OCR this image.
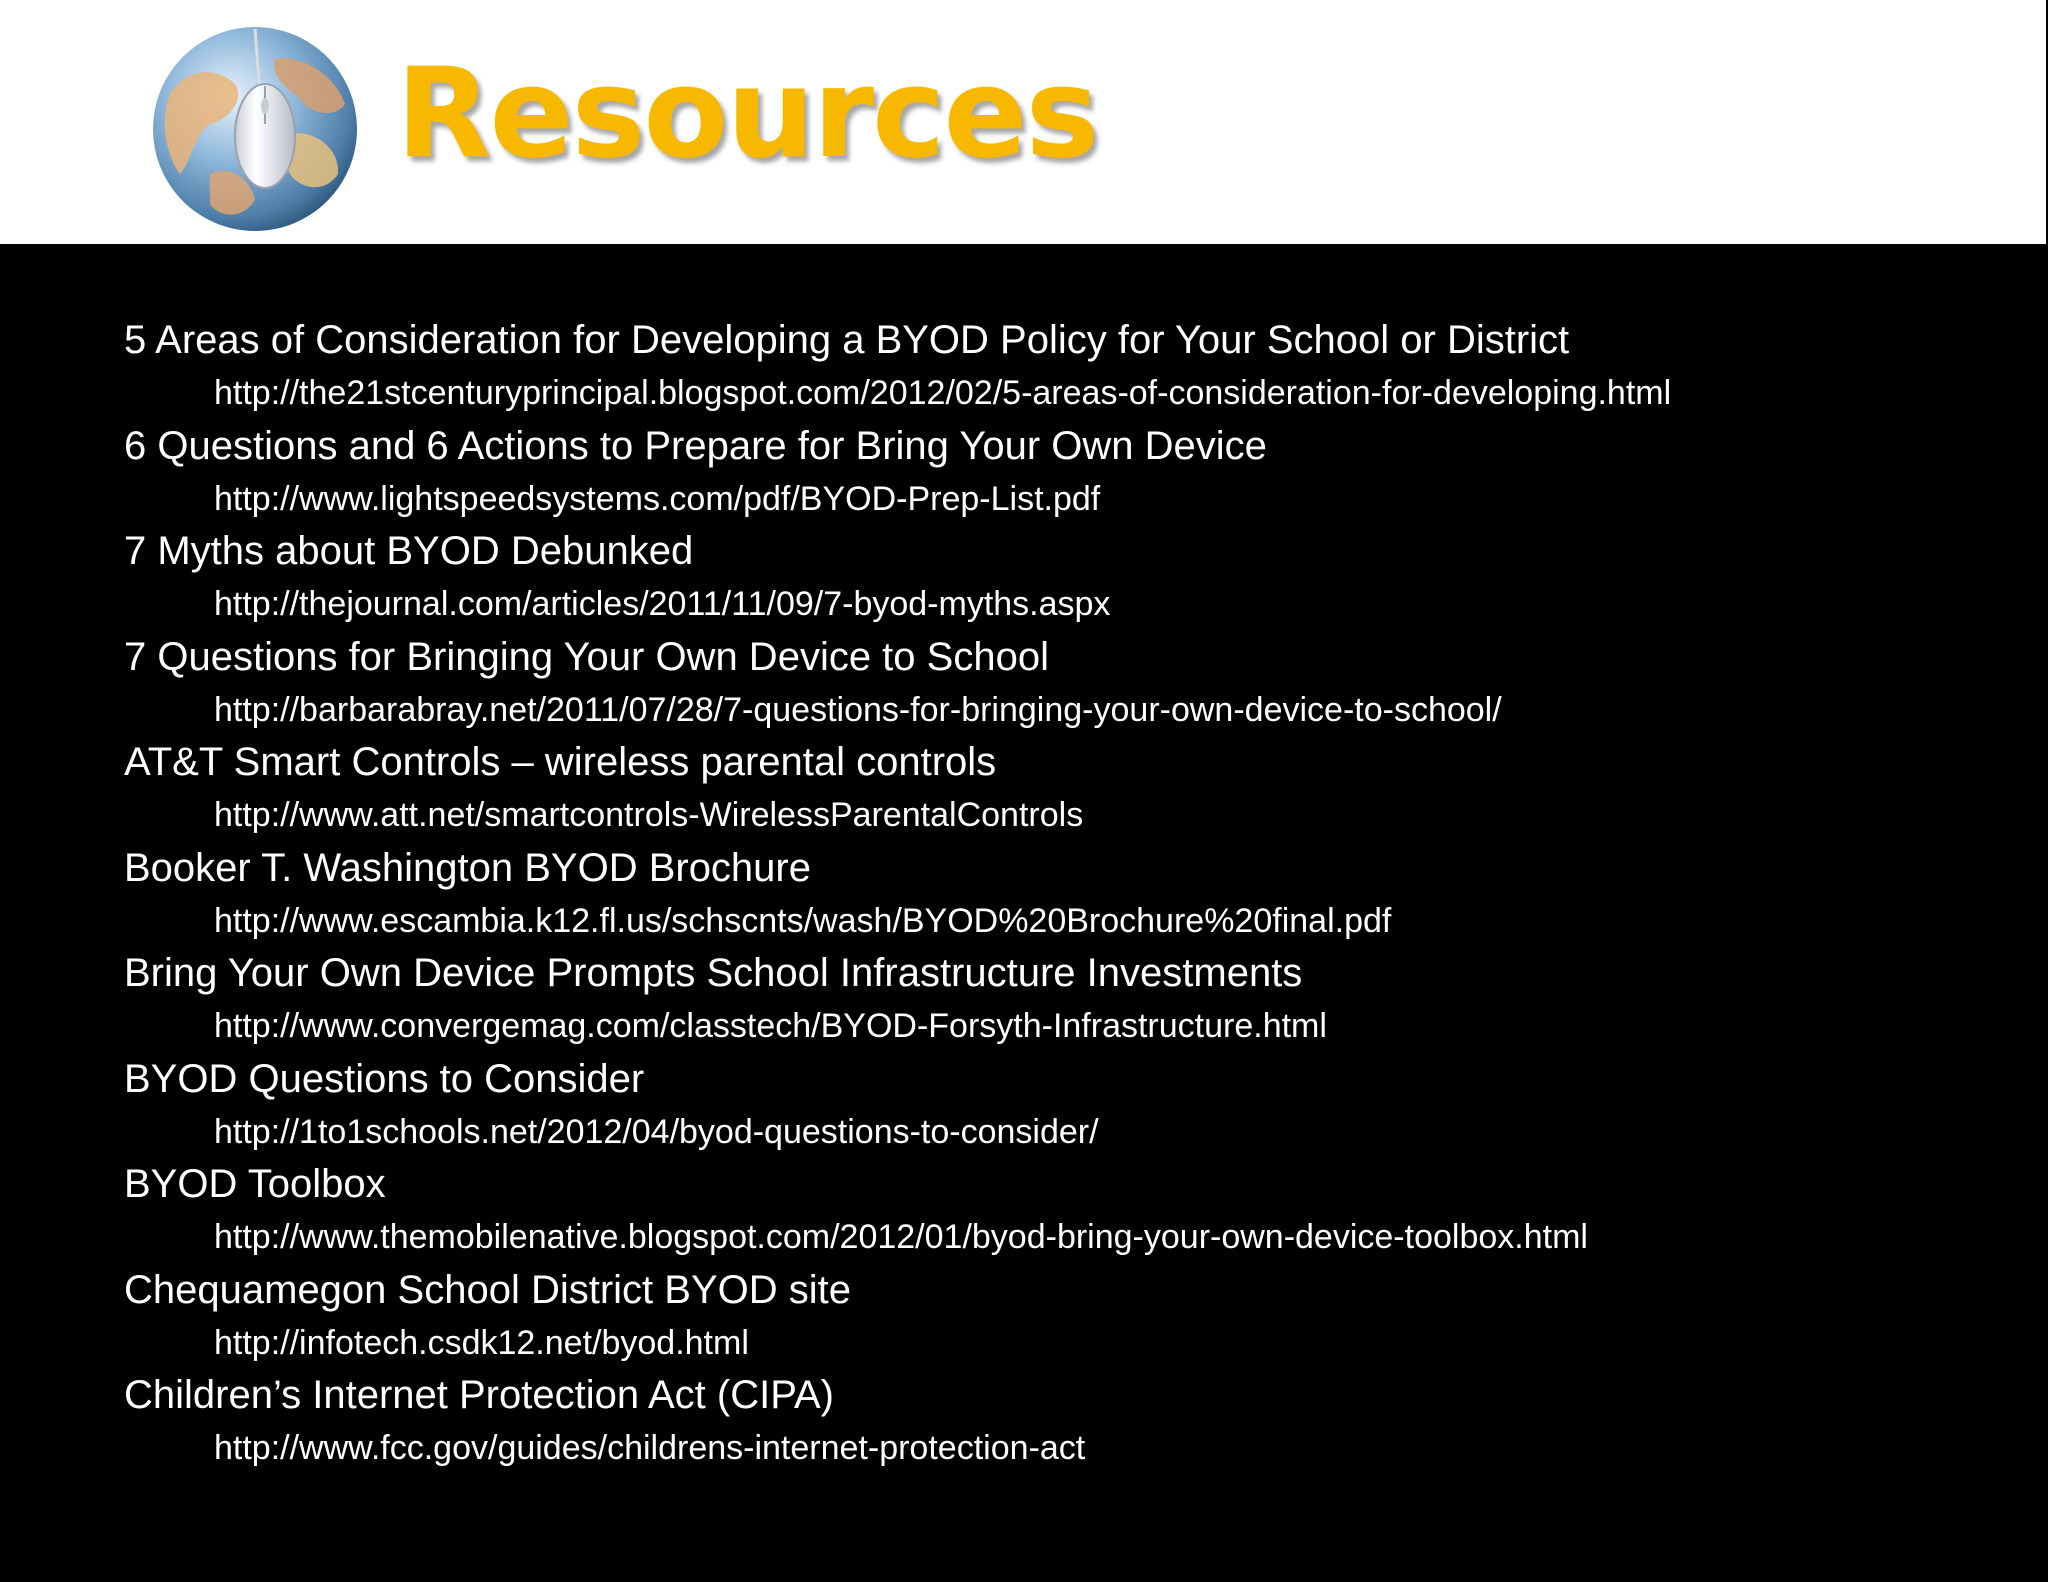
Resources
5 Areas of Consideration for Developing a BYOD Policy for Your School or District
http://the21stcenturyprincipal.blogspot.com/2012/02/5-areas-of-consideration-for-developing.html
6 Questions and 6 Actions to Prepare for Bring Your Own Device
http://www.lightspeedsystems.com/pdf/BYOD-Prep-List.pdf
7 Myths about BYOD Debunked
http://thejournal.com/articles/2011/11/09/7-byod-myths.aspx
7 Questions for Bringing Your Own Device to School
http://barbarabray.net/2011/07/28/7-questions-for-bringing-your-own-device-to-school/
AT&T Smart Controls – wireless parental controls
http://www.att.net/smartcontrols-WirelessParentalControls
Booker T. Washington BYOD Brochure
http://www.escambia.k12.fl.us/schscnts/wash/BYOD%20Brochure%20final.pdf
Bring Your Own Device Prompts School Infrastructure Investments
http://www.convergemag.com/classtech/BYOD-Forsyth-Infrastructure.html
BYOD Questions to Consider
http://1to1schools.net/2012/04/byod-questions-to-consider/
BYOD Toolbox
http://www.themobilenative.blogspot.com/2012/01/byod-bring-your-own-device-toolbox.html
Chequamegon School District BYOD site
http://infotech.csdk12.net/byod.html
Children’s Internet Protection Act (CIPA)
http://www.fcc.gov/guides/childrens-internet-protection-act
